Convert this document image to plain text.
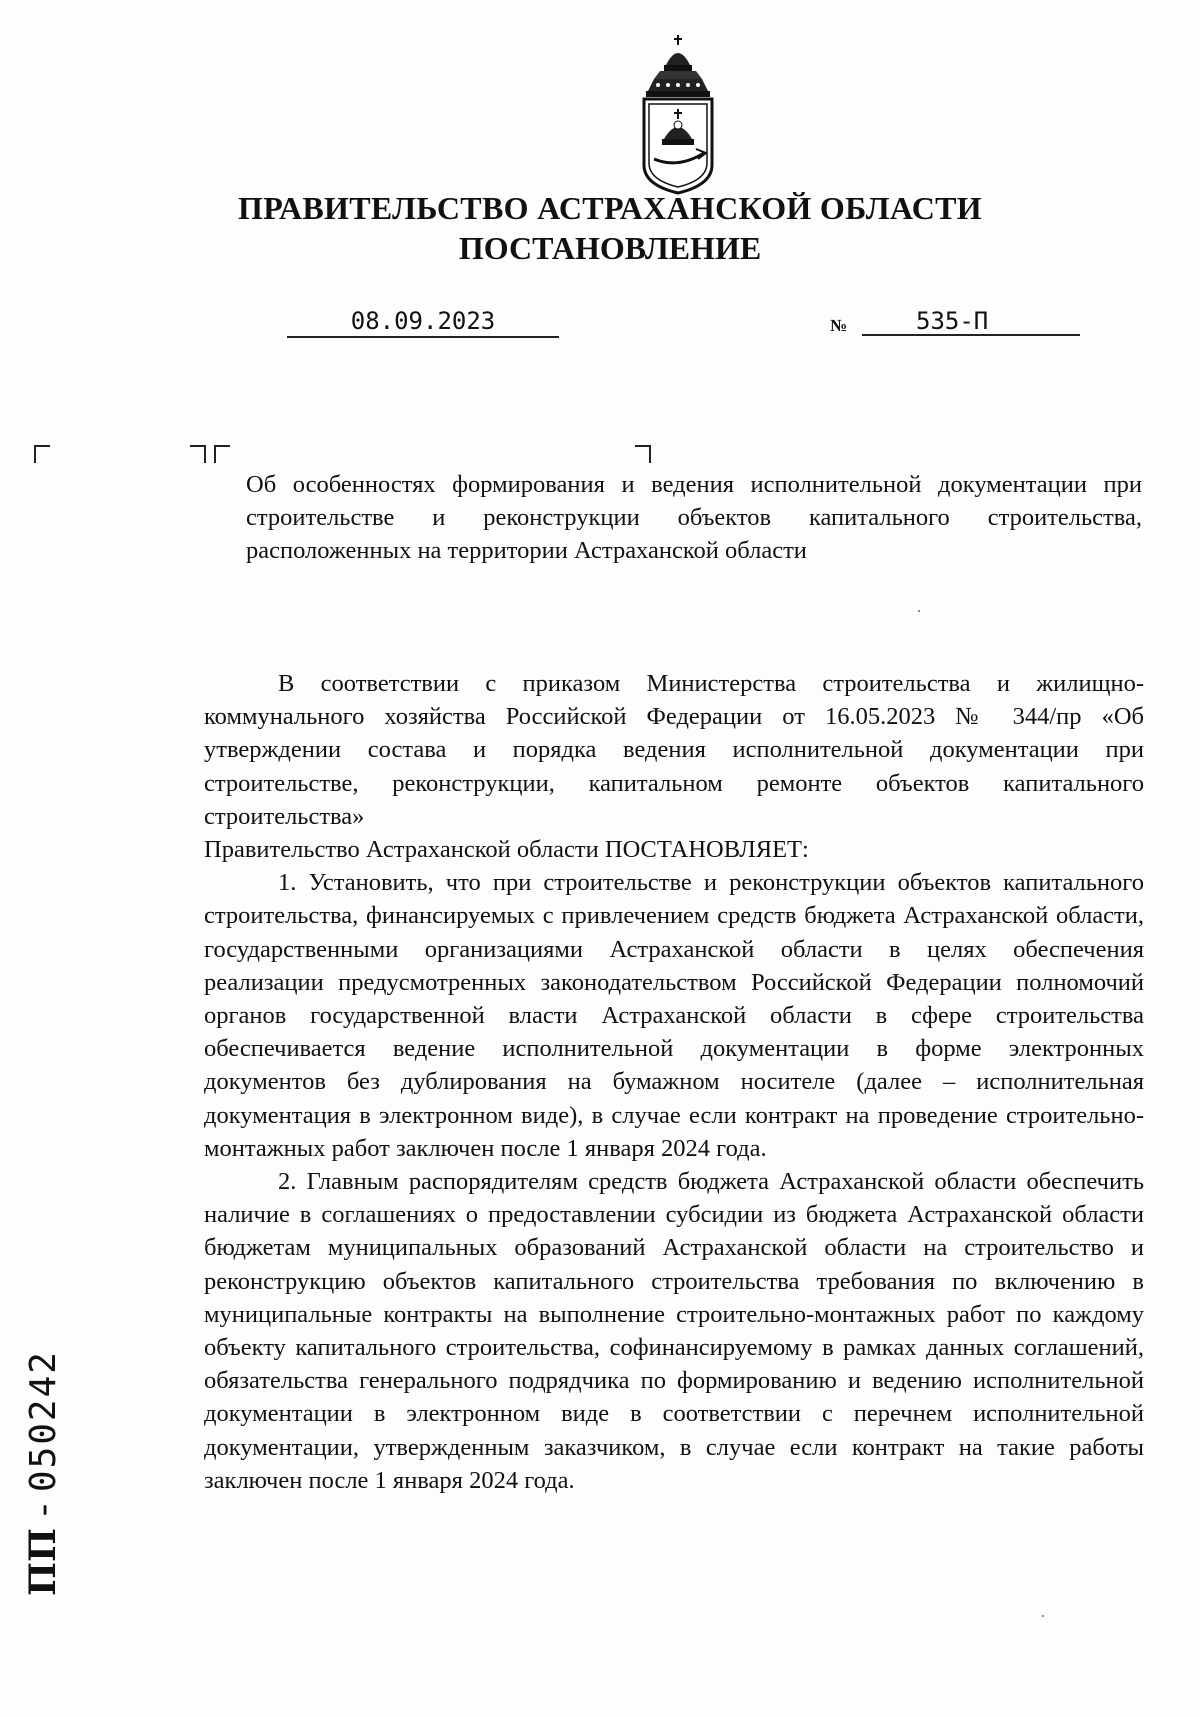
ПРАВИТЕЛЬСТВО АСТРАХАНСКОЙ ОБЛАСТИ
ПОСТАНОВЛЕНИЕ
08.09.2023	№	535-П
Об особенностях формирования и ведения исполнительной документации при строительстве и реконструкции объектов капитального строительства, расположенных на территории Астраханской области

В соответствии с приказом Министерства строительства и жилищно-коммунального хозяйства Российской Федерации от 16.05.2023 № 344/пр «Об утверждении состава и порядка ведения исполнительной документации при строительстве, реконструкции, капитальном ремонте объектов капитального строительства»

Правительство Астраханской области ПОСТАНОВЛЯЕТ:

1. Установить, что при строительстве и реконструкции объектов капитального строительства, финансируемых с привлечением средств бюджета Астраханской области, государственными организациями Астраханской области в целях обеспечения реализации предусмотренных законодательством Российской Федерации полномочий органов государственной власти Астраханской области в сфере строительства обеспечивается ведение исполнительной документации в форме электронных документов без дублирования на бумажном носителе (далее – исполнительная документация в электронном виде), в случае если контракт на проведение строительно-монтажных работ заключен после 1 января 2024 года.

2. Главным распорядителям средств бюджета Астраханской области обеспечить наличие в соглашениях о предоставлении субсидии из бюджета Астраханской области бюджетам муниципальных образований Астраханской области на строительство и реконструкцию объектов капитального строительства требования по включению в муниципальные контракты на выполнение строительно-монтажных работ по каждому объекту капитального строительства, софинансируемому в рамках данных соглашений, обязательства генерального подрядчика по формированию и ведению исполнительной документации в электронном виде в соответствии с перечнем исполнительной документации, утвержденным заказчиком, в случае если контракт на такие работы заключен после 1 января 2024 года.

ПП - 050242
